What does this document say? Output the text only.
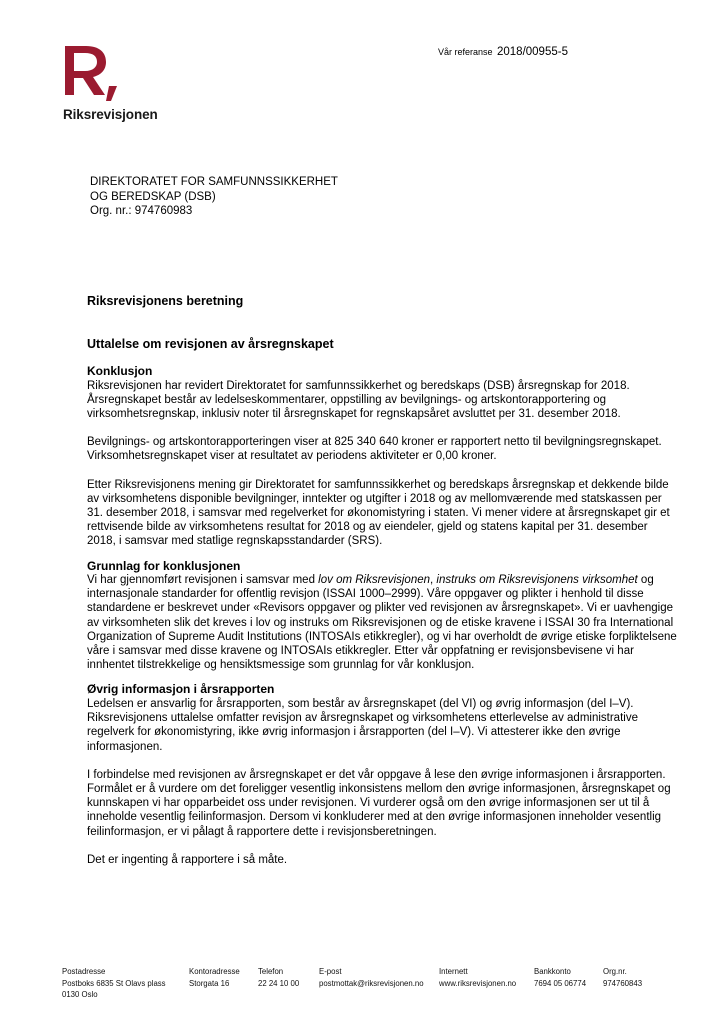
Riksrevisjonen
Vår referanse 2018/00955-5
DIREKTORATET FOR SAMFUNNSSIKKERHET
OG BEREDSKAP (DSB)
Org. nr.: 974760983
Riksrevisjonens beretning
Uttalelse om revisjonen av årsregnskapet
Konklusjon

Riksrevisjonen har revidert Direktoratet for samfunnssikkerhet og beredskaps (DSB) årsregnskap for 2018. Årsregnskapet består av ledelseskommentarer, oppstilling av bevilgnings- og artskontorapportering og virksomhetsregnskap, inklusiv noter til årsregnskapet for regnskapsåret avsluttet per 31. desember 2018.

Bevilgnings- og artskontorapporteringen viser at 825 340 640 kroner er rapportert netto til bevilgningsregnskapet. Virksomhetsregnskapet viser at resultatet av periodens aktiviteter er 0,00 kroner.

Etter Riksrevisjonens mening gir Direktoratet for samfunnssikkerhet og beredskaps årsregnskap et dekkende bilde av virksomhetens disponible bevilgninger, inntekter og utgifter i 2018 og av mellomværende med statskassen per 31. desember 2018, i samsvar med regelverket for økonomistyring i staten. Vi mener videre at årsregnskapet gir et rettvisende bilde av virksomhetens resultat for 2018 og av eiendeler, gjeld og statens kapital per 31. desember 2018, i samsvar med statlige regnskapsstandarder (SRS).

Grunnlag for konklusjonen

Vi har gjennomført revisjonen i samsvar med lov om Riksrevisjonen, instruks om Riksrevisjonens virksomhet og internasjonale standarder for offentlig revisjon (ISSAI 1000–2999). Våre oppgaver og plikter i henhold til disse standardene er beskrevet under «Revisors oppgaver og plikter ved revisjonen av årsregnskapet». Vi er uavhengige av virksomheten slik det kreves i lov og instruks om Riksrevisjonen og de etiske kravene i ISSAI 30 fra International Organization of Supreme Audit Institutions (INTOSAIs etikkregler), og vi har overholdt de øvrige etiske forpliktelsene våre i samsvar med disse kravene og INTOSAIs etikkregler. Etter vår oppfatning er revisjonsbevisene vi har innhentet tilstrekkelige og hensiktsmessige som grunnlag for vår konklusjon.

Øvrig informasjon i årsrapporten

Ledelsen er ansvarlig for årsrapporten, som består av årsregnskapet (del VI) og øvrig informasjon (del I–V). Riksrevisjonens uttalelse omfatter revisjon av årsregnskapet og virksomhetens etterlevelse av administrative regelverk for økonomistyring, ikke øvrig informasjon i årsrapporten (del I–V). Vi attesterer ikke den øvrige informasjonen.

I forbindelse med revisjonen av årsregnskapet er det vår oppgave å lese den øvrige informasjonen i årsrapporten. Formålet er å vurdere om det foreligger vesentlig inkonsistens mellom den øvrige informasjonen, årsregnskapet og kunnskapen vi har opparbeidet oss under revisjonen. Vi vurderer også om den øvrige informasjonen ser ut til å inneholde vesentlig feilinformasjon. Dersom vi konkluderer med at den øvrige informasjonen inneholder vesentlig feilinformasjon, er vi pålagt å rapportere dette i revisjonsberetningen.

Det er ingenting å rapportere i så måte.

Postadresse
Postboks 6835 St Olavs plass
0130 Oslo
Kontoradresse
Storgata 16
Telefon
22 24 10 00
E-post
postmottak@riksrevisjonen.no
Internett
www.riksrevisjonen.no
Bankkonto
7694 05 06774
Org.nr.
974760843
